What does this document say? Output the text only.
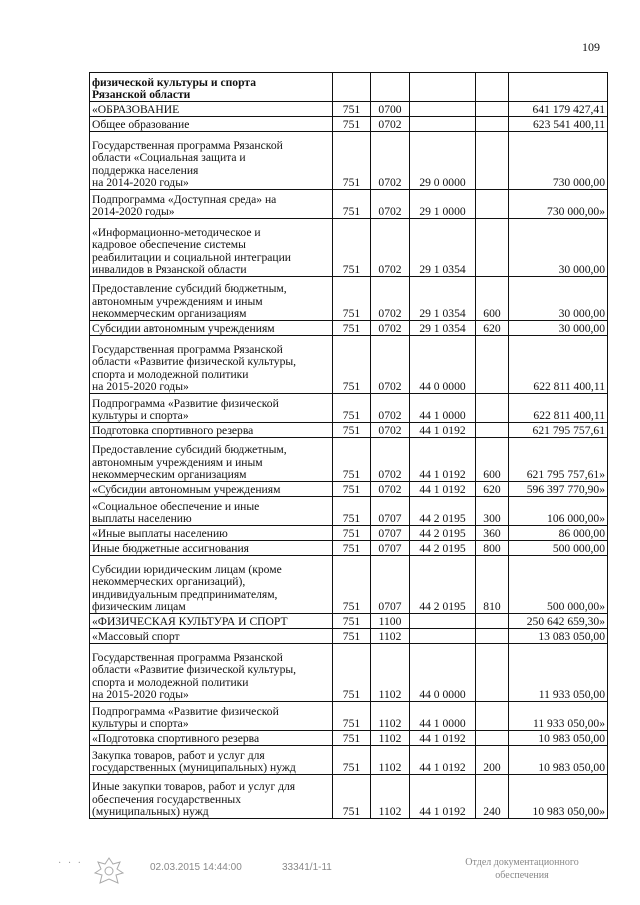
109
физической культуры и спорта
Рязанской области					
«ОБРАЗОВАНИЕ	751	0700			641 179 427,41
Общее образование	751	0702			623 541 400,11
Государственная программа Рязанской
области «Социальная защита и
поддержка населения
на 2014-2020 годы»	751	0702	29 0 0000		730 000,00
Подпрограмма «Доступная среда» на
2014-2020 годы»	751	0702	29 1 0000		730 000,00»
«Информационно-методическое и
кадровое обеспечение системы
реабилитации и социальной интеграции
инвалидов в Рязанской области	751	0702	29 1 0354		30 000,00
Предоставление субсидий бюджетным,
автономным учреждениям и иным
некоммерческим организациям	751	0702	29 1 0354	600	30 000,00
Субсидии автономным учреждениям	751	0702	29 1 0354	620	30 000,00
Государственная программа Рязанской
области «Развитие физической культуры,
спорта и молодежной политики
на 2015-2020 годы»	751	0702	44 0 0000		622 811 400,11
Подпрограмма «Развитие физической
культуры и спорта»	751	0702	44 1 0000		622 811 400,11
Подготовка спортивного резерва	751	0702	44 1 0192		621 795 757,61
Предоставление субсидий бюджетным,
автономным учреждениям и иным
некоммерческим организациям	751	0702	44 1 0192	600	621 795 757,61»
«Субсидии автономным учреждениям	751	0702	44 1 0192	620	596 397 770,90»
«Социальное обеспечение и иные
выплаты населению	751	0707	44 2 0195	300	106 000,00»
«Иные выплаты населению	751	0707	44 2 0195	360	86 000,00
Иные бюджетные ассигнования	751	0707	44 2 0195	800	500 000,00
Субсидии юридическим лицам (кроме
некоммерческих организаций),
индивидуальным предпринимателям,
физическим лицам	751	0707	44 2 0195	810	500 000,00»
«ФИЗИЧЕСКАЯ КУЛЬТУРА И СПОРТ	751	1100			250 642 659,30»
«Массовый спорт	751	1102			13 083 050,00
Государственная программа Рязанской
области «Развитие физической культуры,
спорта и молодежной политики
на 2015-2020 годы»	751	1102	44 0 0000		11 933 050,00
Подпрограмма «Развитие физической
культуры и спорта»	751	1102	44 1 0000		11 933 050,00»
«Подготовка спортивного резерва	751	1102	44 1 0192		10 983 050,00
Закупка товаров, работ и услуг для
государственных (муниципальных) нужд	751	1102	44 1 0192	200	10 983 050,00
Иные закупки товаров, работ и услуг для
обеспечения государственных
(муниципальных) нужд	751	1102	44 1 0192	240	10 983 050,00»
· · ·	02.03.2015 14:44:00	33341/1-11	Отдел документационного
обеспечения
